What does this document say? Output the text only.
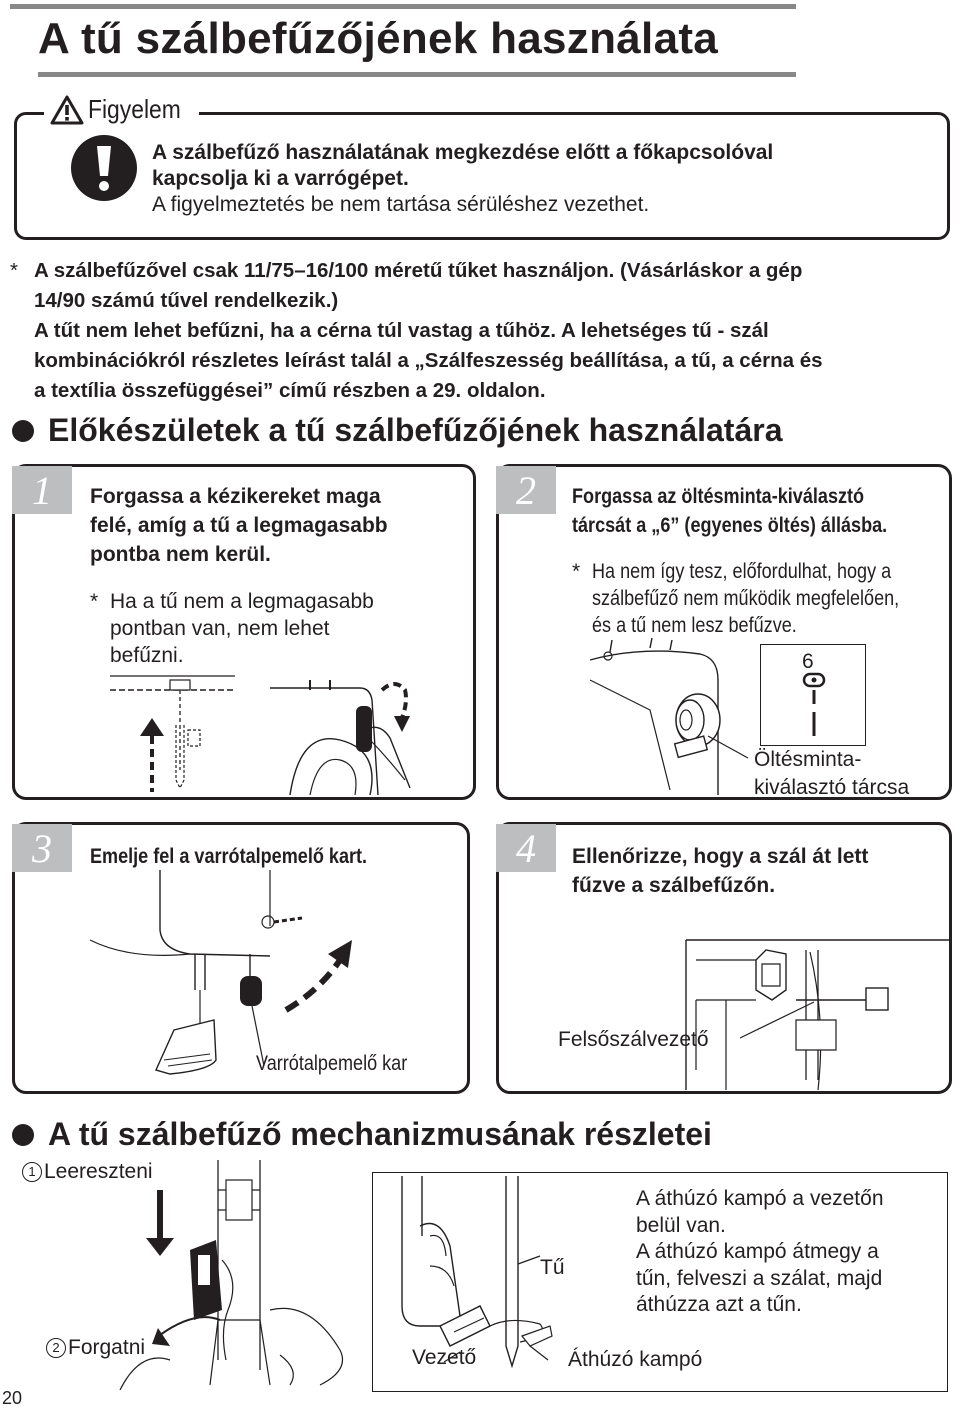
A tű szálbefűzőjének használata
Figyelem
A szálbefűző használatának megkezdése előtt a főkapcsolóval
kapcsolja ki a varrógépet.
A figyelmeztetés be nem tartása sérüléshez vezethet.
* A szálbefűzővel csak 11/75–16/100 méretű tűket használjon. (Vásárláskor a gép
14/90 számú tűvel rendelkezik.)
A tűt nem lehet befűzni, ha a cérna túl vastag a tűhöz. A lehetséges tű - szál
kombinációkról részletes leírást talál a „Szálfeszesség beállítása, a tű, a cérna és
a textília összefüggései” című részben a 29. oldalon.
Előkészületek a tű szálbefűzőjének használatára
1	Forgassa a kézikereket maga
felé, amíg a tű a legmagasabb
pontba nem kerül.
* Ha a tű nem a legmagasabb
pontban van, nem lehet
befűzni.
2	Forgassa az öltésminta-kiválasztó
tárcsát a „6” (egyenes öltés) állásba.
* Ha nem így tesz, előfordulhat, hogy a
szálbefűző nem működik megfelelően,
és a tű nem lesz befűzve.
6
Öltésminta-
kiválasztó tárcsa
3	Emelje fel a varrótalpemelő kart.
Varrótalpemelő kar
4	Ellenőrizze, hogy a szál át lett
fűzve a szálbefűzőn.
Felsőszálvezető
A tű szálbefűző mechanizmusának részletei
1 Leereszteni
2 Forgatni
Tű
Vezető	Áthúzó kampó
A áthúzó kampó a vezetőn
belül van.
A áthúzó kampó átmegy a
tűn, felveszi a szálat, majd
áthúzza azt a tűn.
20
